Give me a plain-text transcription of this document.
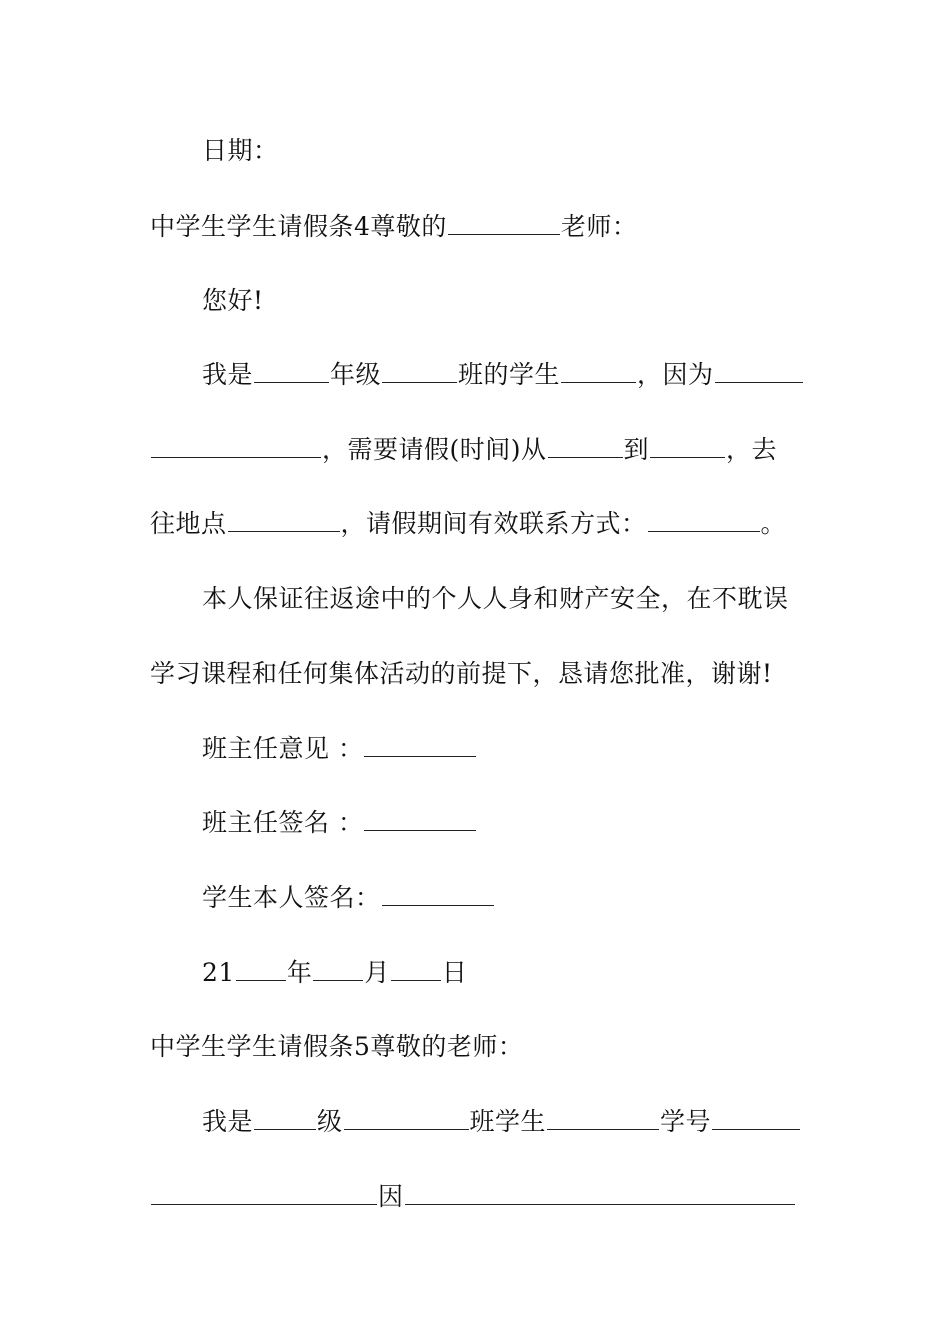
日期：
中学生学生请假条4尊敬的	老师：
您好!
我是	年级	班的学生	，因为
，需要请假(时间)从	到	，去
往地点	，请假期间有效联系方式：	。
本人保证往返途中的个人人身和财产安全，在不耽误
学习课程和任何集体活动的前提下，恳请您批准，谢谢!
班主任意见 ：
班主任签名 ：
学生本人签名：
21 年 月 日
中学生学生请假条5尊敬的老师：
我是	级	班学生	学号
因
